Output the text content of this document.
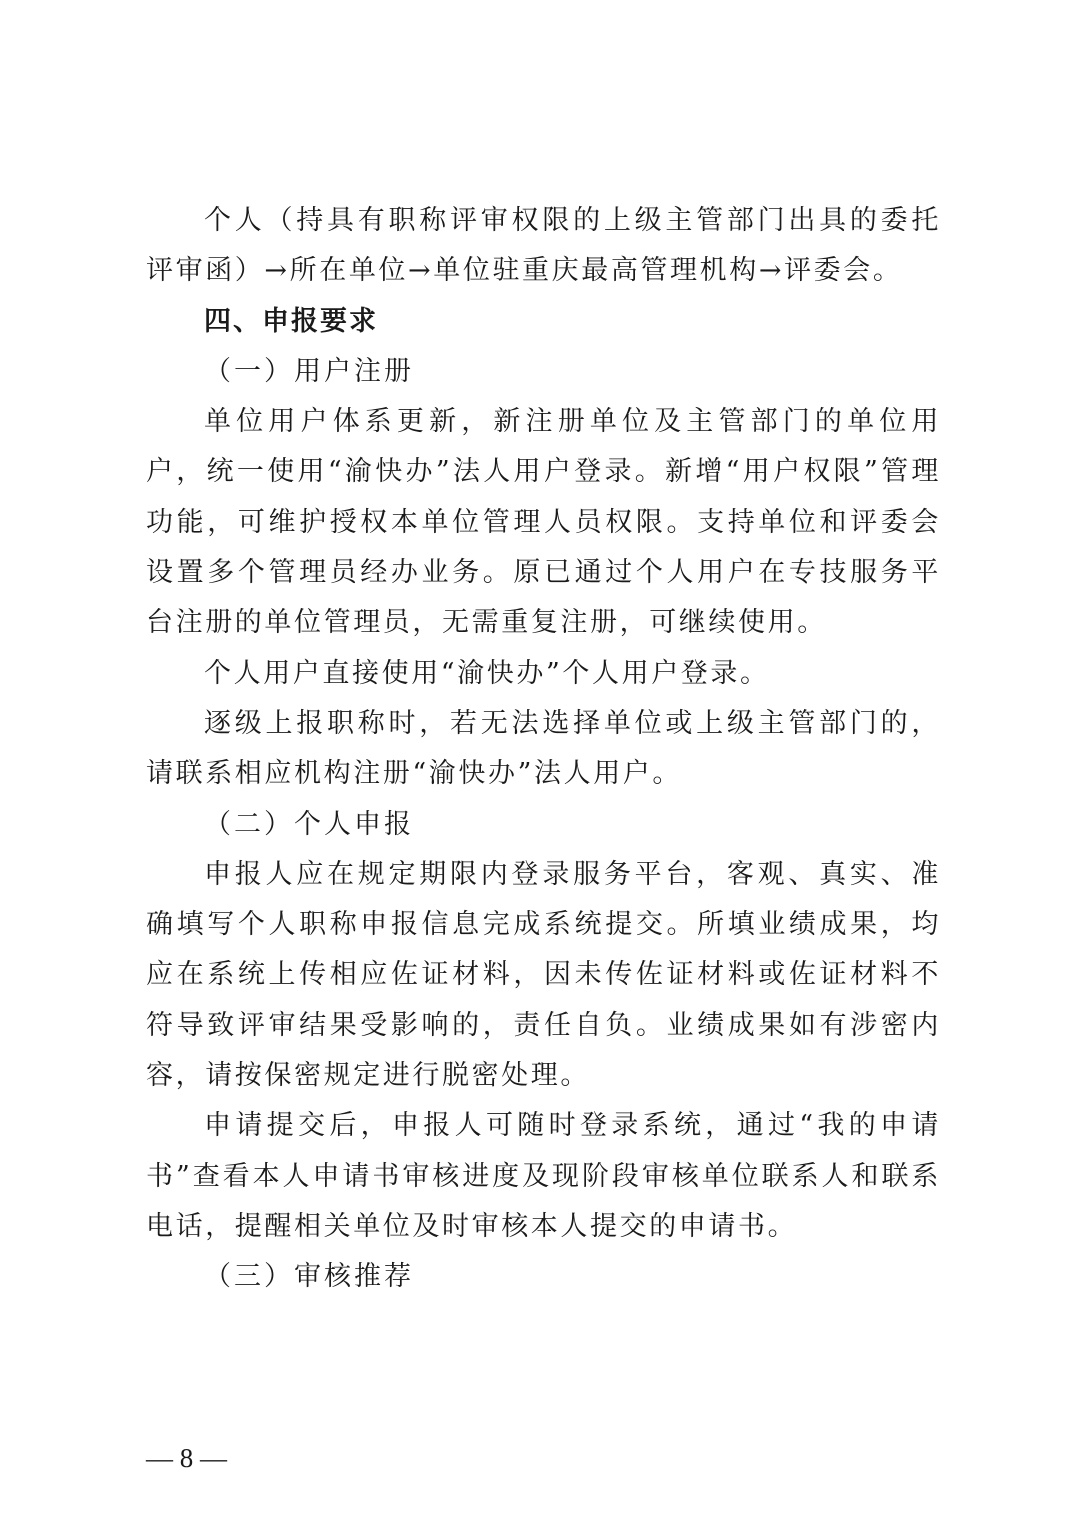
个人（持具有职称评审权限的上级主管部门出具的委托评审函）→所在单位→单位驻重庆最高管理机构→评委会。

四、申报要求

（一）用户注册

单位用户体系更新，新注册单位及主管部门的单位用户，统一使用“渝快办”法人用户登录。新增“用户权限”管理功能，可维护授权本单位管理人员权限。支持单位和评委会设置多个管理员经办业务。原已通过个人用户在专技服务平台注册的单位管理员，无需重复注册，可继续使用。

个人用户直接使用“渝快办”个人用户登录。

逐级上报职称时，若无法选择单位或上级主管部门的，请联系相应机构注册“渝快办”法人用户。

（二）个人申报

申报人应在规定期限内登录服务平台，客观、真实、准确填写个人职称申报信息完成系统提交。所填业绩成果，均应在系统上传相应佐证材料，因未传佐证材料或佐证材料不符导致评审结果受影响的，责任自负。业绩成果如有涉密内容，请按保密规定进行脱密处理。

申请提交后，申报人可随时登录系统，通过“我的申请书”查看本人申请书审核进度及现阶段审核单位联系人和联系电话，提醒相关单位及时审核本人提交的申请书。

（三）审核推荐

— 8 —
